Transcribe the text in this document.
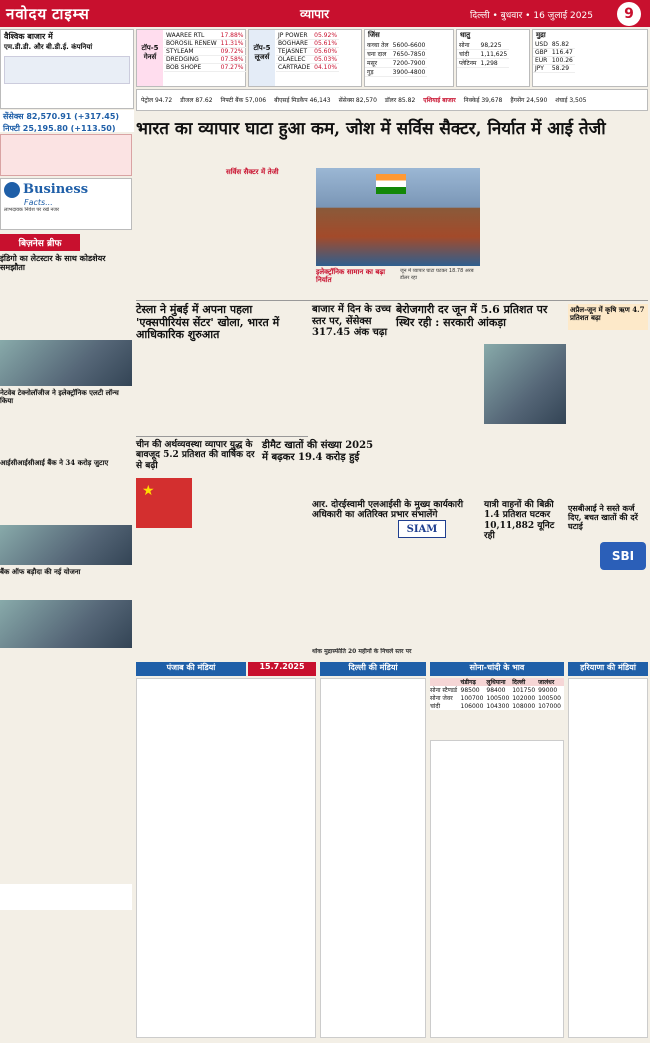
नवोदय टाइम्स	व्यापार	दिल्ली • बुधवार • 16 जुलाई 2025	9
वैश्विक बाजार में
एम.डी.डी. और बी.डी.ई. कंपनियां
सेंसेक्स 82,570.91 (+317.45)
निफ्टी 25,195.80 (+113.50)
टॉप-5 गेनर्स
WAAREE RTL	17.88%
BOROSIL RENEW	11.31%
STYLEAM	09.72%
DREDGING	07.58%
BOB SHOPE	07.27%
टॉप-5 लूजर्स
JP POWER	05.92%
BOGHARE	05.61%
TEJASNET	05.60%
OLAELEC	05.03%
CARTRADE	04.10%
जिंस
कच्चा तेल	5600-6600
चना दाल	7650-7850
मसूर	7200-7900
गुड़	3900-4800
धातु
सोना	98,225
चांदी	1,11,625
प्लेटिनम	1,298
मुद्रा
USD	85.82
GBP	116.47
EUR	100.26
JPY	58.29
पेट्रोल 94.72 डीजल 87.62 निफ्टी बैंक 57,006 बीएसई मिडकैप 46,143 सेंसेक्स 82,570 डॉलर 85.82 एशियाई बाजार निक्केई 39,678 हैंगसेंग 24,590 शंघाई 3,505
Business
Facts...
लाभदायक निवेश पर रखें नजर
बिज़नेस ब्रीफ
इंडिगो का लेटस्टार के साथ कोडशेयर समझौता
नेटवेब टेक्नोलॉजीज ने इलेक्ट्रॉनिक एलटी लॉन्च किया
आईसीआईसीआई बैंक ने 34 करोड़ जुटाए
बैंक ऑफ बड़ौदा की नई योजना
भारत का व्यापार घाटा हुआ कम, जोश में सर्विस सैक्टर, निर्यात में आई तेजी
सर्विस सैक्टर में तेजी
इलेक्ट्रॉनिक सामान का बढ़ा निर्यात
जून में व्यापार घाटा घटकर 18.78 अरब डॉलर रहा
टेस्ला ने मुंबई में अपना पहला 'एक्सपीरियंस सेंटर' खोला, भारत में आधिकारिक शुरुआत
बाजार में दिन के उच्च स्तर पर, सेंसेक्स 317.45 अंक चढ़ा
बेरोजगारी दर जून में 5.6 प्रतिशत पर स्थिर रही : सरकारी आंकड़ा
अप्रैल-जून में कृषि ऋण 4.7 प्रतिशत बढ़ा
चीन की अर्थव्यवस्था व्यापार युद्ध के बावजूद 5.2 प्रतिशत की वार्षिक दर से बढ़ी
★
डीमैट खातों की संख्या 2025 में बढ़कर 19.4 करोड़ हुई
आर. दोरईस्वामी एलआईसी के मुख्य कार्यकारी अधिकारी का अतिरिक्त प्रभार संभालेंगे
SIAM
यात्री वाहनों की बिक्री 1.4 प्रतिशत घटकर 10,11,882 यूनिट रही
एसबीआई ने सस्ते कर्ज दिए, बचत खातों की दरें घटाई
SBI
थोक मुद्रास्फीति 20 महीनों के निचले स्तर पर
पंजाब की मंडियां	15.7.2025	दिल्ली की मंडियां	सोना-चांदी के भाव
	चंडीगढ़	लुधियाना	दिल्ली	जालंधर
सोना स्टैण्डर्ड	98500	98400	101750	99000
सोना जेवर	100700	100500	102000	100500
चांदी	106000	104300	108000	107000
हरियाणा की मंडियां
